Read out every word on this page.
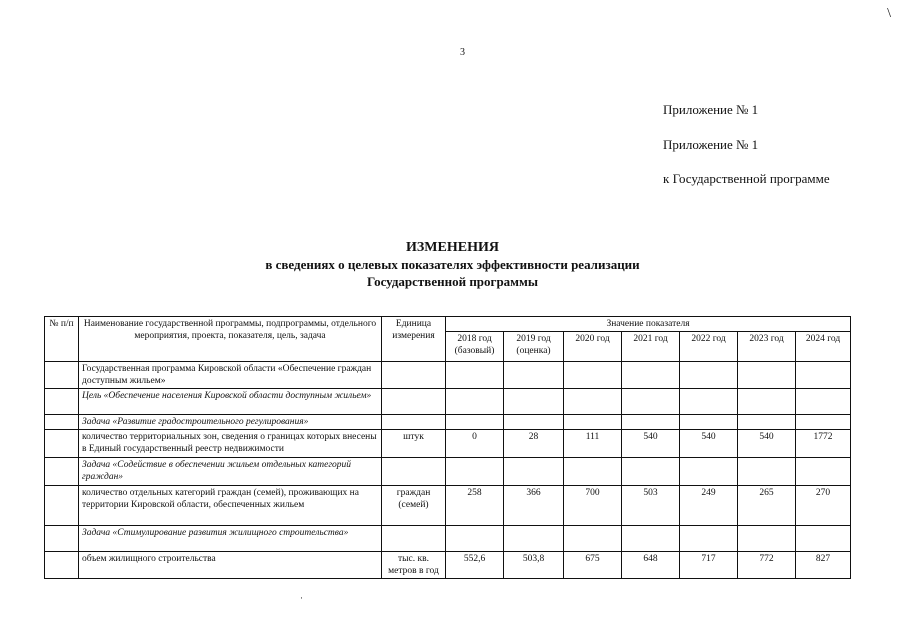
\
3
Приложение № 1
Приложение № 1
к Государственной программе
ИЗМЕНЕНИЯ
в сведениях о целевых показателях эффективности реализации
Государственной программы
№ п/п	Наименование государственной программы, подпрограммы, отдельного мероприятия, проекта, показателя, цель, задача	Единица измерения	Значение показателя						
			2018 год (базовый)	2019 год (оценка)	2020 год	2021 год	2022 год	2023 год	2024 год
	Государственная программа Кировской области «Обеспечение граждан доступным жильем»								
	Цель «Обеспечение населения Кировской области доступным жильем»								
	Задача «Развитие градостроительного регулирования»								
	количество территориальных зон, сведения о границах которых внесены в Единый государственный реестр недвижимости	штук	0	28	111	540	540	540	1772
	Задача «Содействие в обеспечении жильем отдельных категорий граждан»								
	количество отдельных категорий граждан (семей), проживающих на территории Кировской области, обеспеченных жильем	граждан (семей)	258	366	700	503	249	265	270
	Задача «Стимулирование развития жилищного строительства»								
	объем жилищного строительства	тыс. кв. метров в год	552,6	503,8	675	648	717	772	827
·
